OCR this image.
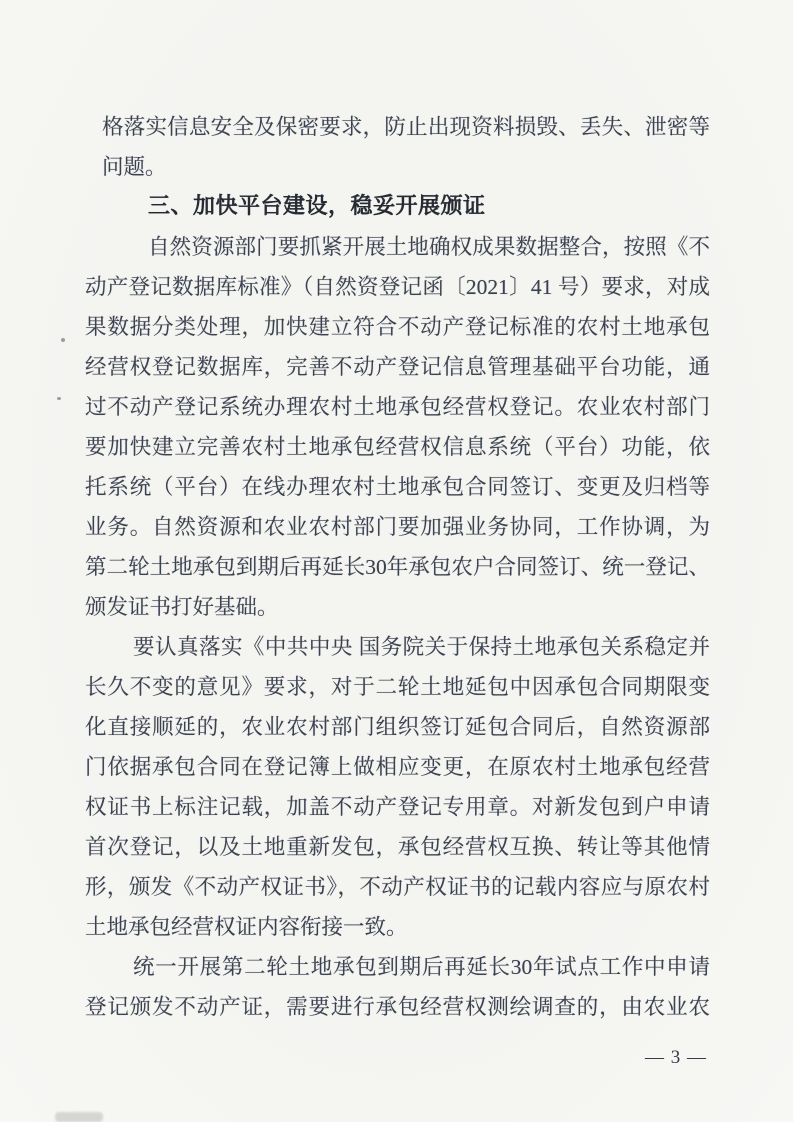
格落实信息安全及保密要求，防止出现资料损毁、丢失、泄密等
问题。
三、加快平台建设，稳妥开展颁证
自然资源部门要抓紧开展土地确权成果数据整合，按照《不
动产登记数据库标准》（自然资登记函〔2021〕41 号）要求，对成
果数据分类处理，加快建立符合不动产登记标准的农村土地承包
经营权登记数据库，完善不动产登记信息管理基础平台功能，通
过不动产登记系统办理农村土地承包经营权登记。农业农村部门
要加快建立完善农村土地承包经营权信息系统（平台）功能，依
托系统（平台）在线办理农村土地承包合同签订、变更及归档等
业务。自然资源和农业农村部门要加强业务协同，工作协调，为
第二轮土地承包到期后再延长30年承包农户合同签订、统一登记、
颁发证书打好基础。
要认真落实《中共中央 国务院关于保持土地承包关系稳定并
长久不变的意见》要求，对于二轮土地延包中因承包合同期限变
化直接顺延的，农业农村部门组织签订延包合同后，自然资源部
门依据承包合同在登记簿上做相应变更，在原农村土地承包经营
权证书上标注记载，加盖不动产登记专用章。对新发包到户申请
首次登记，以及土地重新发包，承包经营权互换、转让等其他情
形，颁发《不动产权证书》，不动产权证书的记载内容应与原农村
土地承包经营权证内容衔接一致。
统一开展第二轮土地承包到期后再延长30年试点工作中申请
登记颁发不动产证，需要进行承包经营权测绘调查的，由农业农
— 3 —
